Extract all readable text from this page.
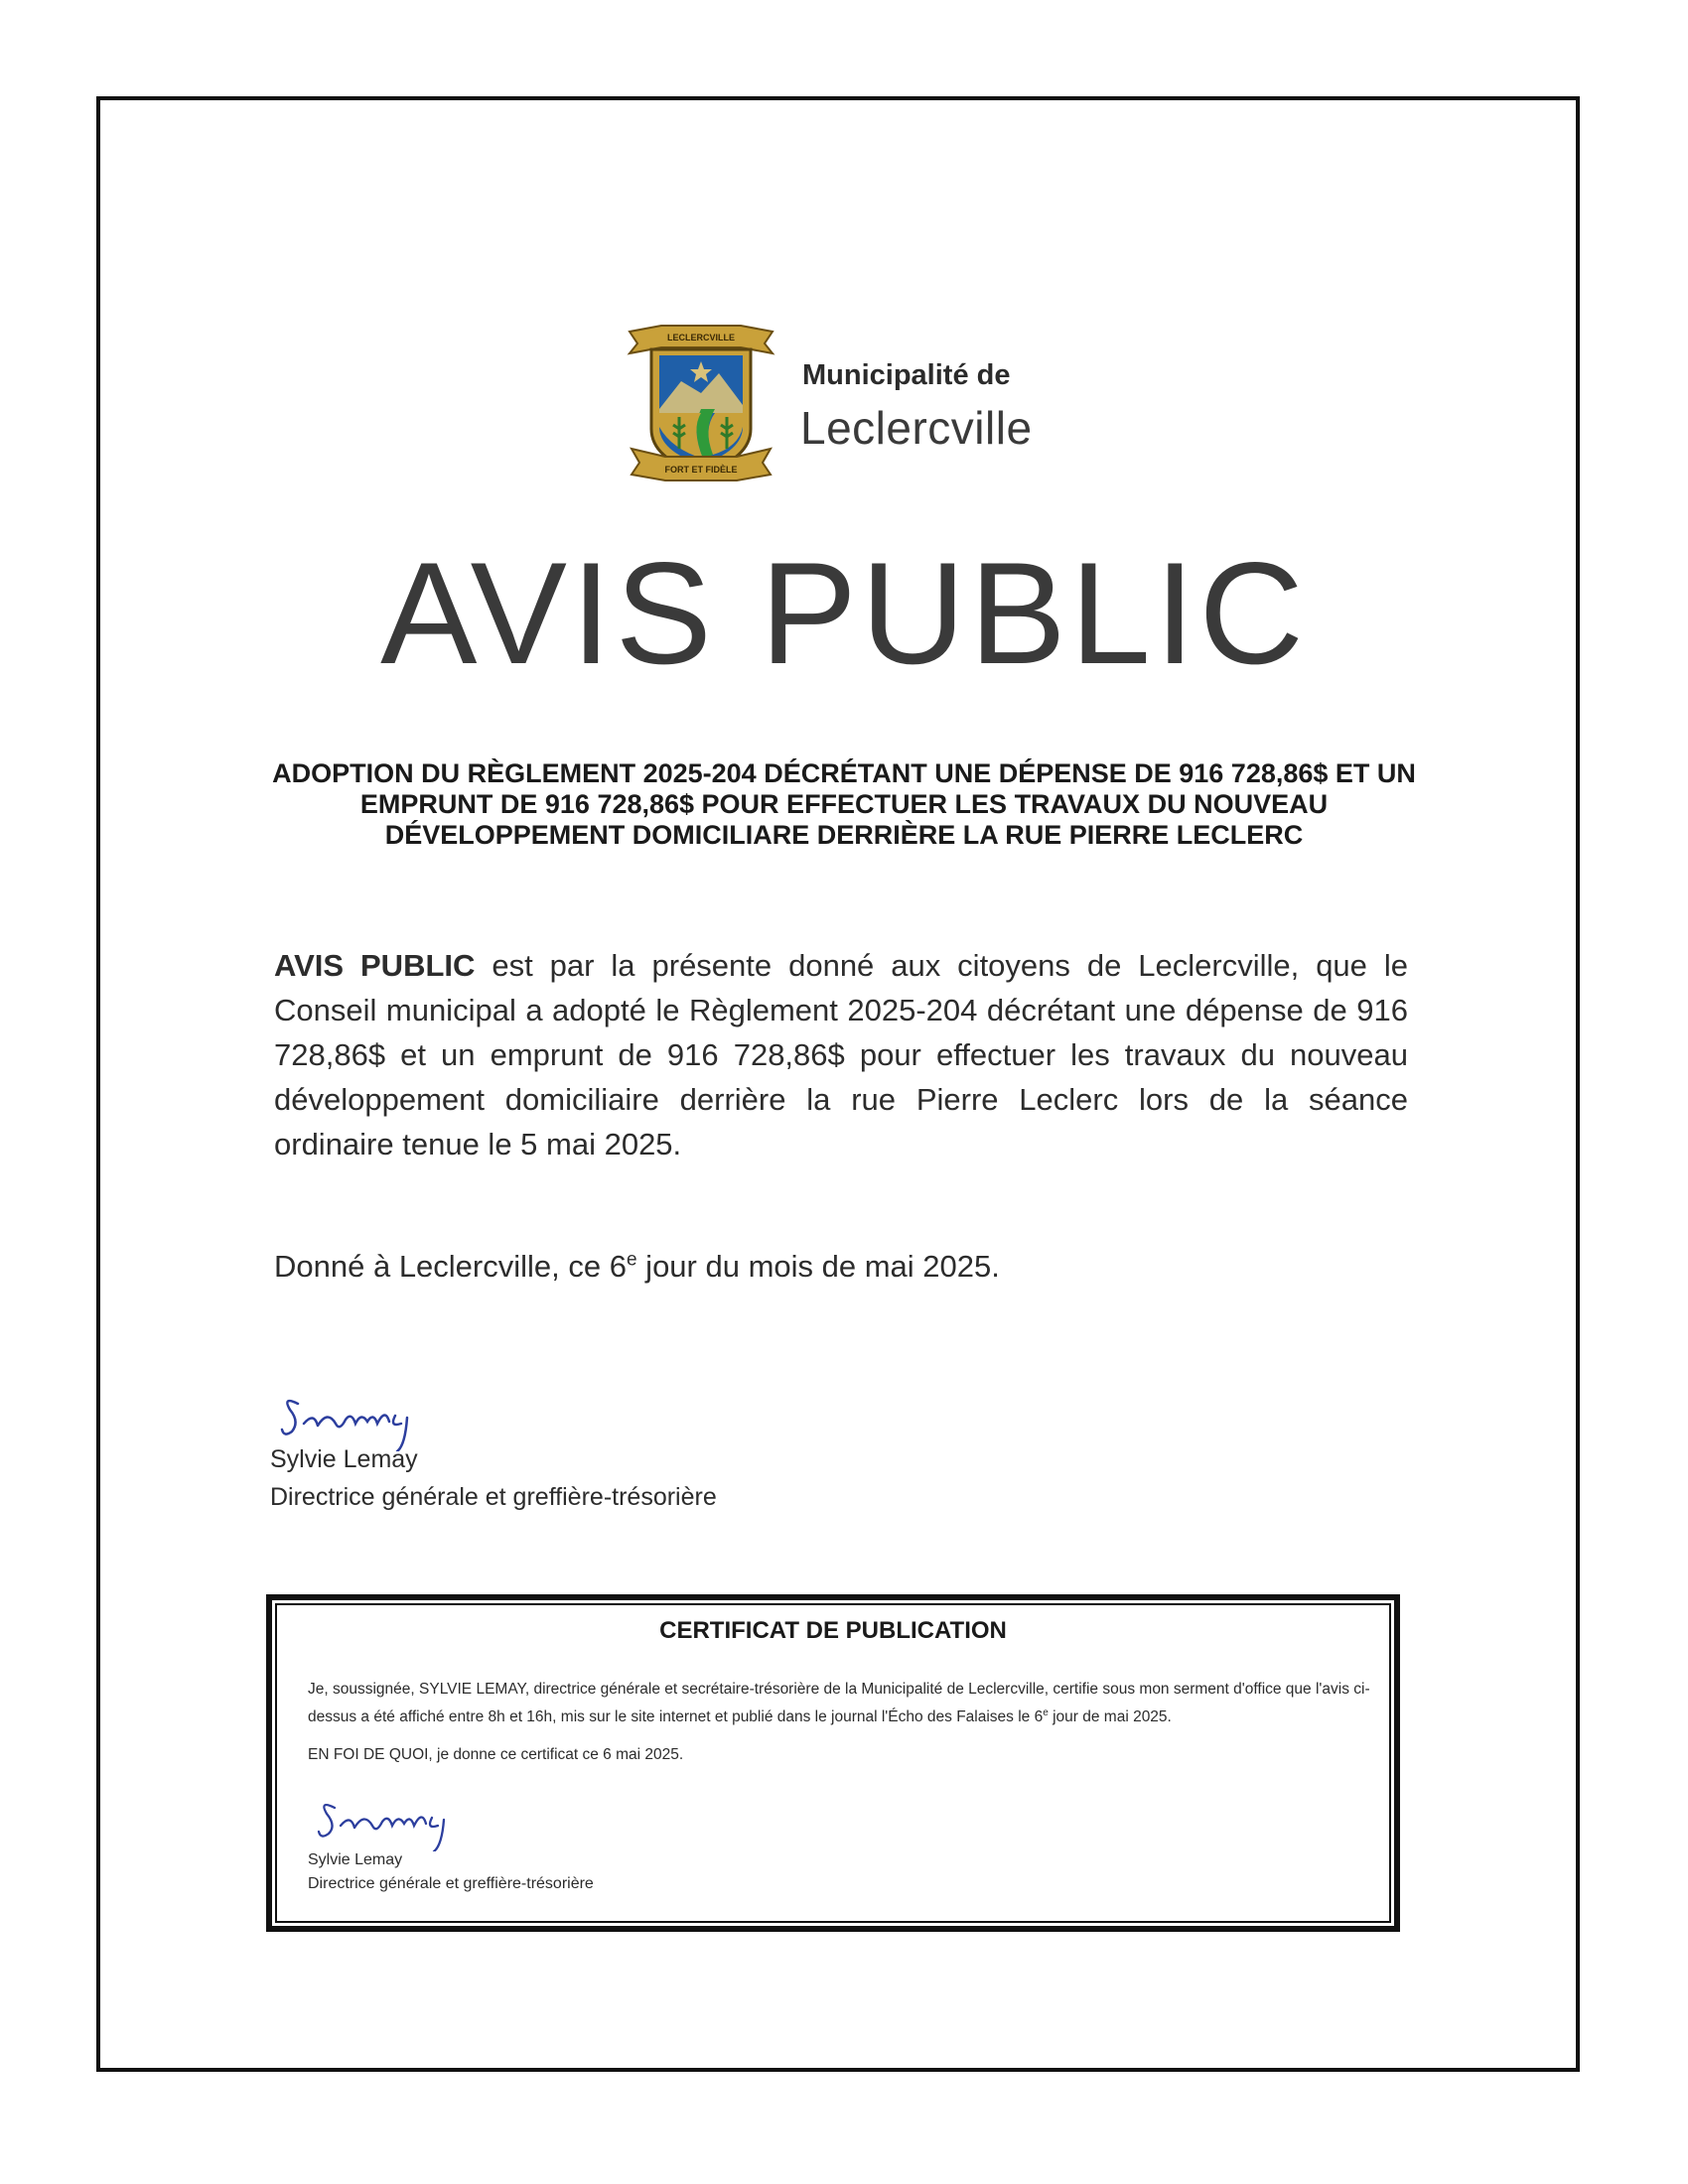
LECLERCVILLE
FORT ET FIDÈLE
Municipalité de
Leclercville
AVIS PUBLIC
ADOPTION DU RÈGLEMENT 2025-204 DÉCRÉTANT UNE DÉPENSE DE 916 728,86$ ET UN EMPRUNT DE 916 728,86$ POUR EFFECTUER LES TRAVAUX DU NOUVEAU DÉVELOPPEMENT DOMICILIARE DERRIÈRE LA RUE PIERRE LECLERC
AVIS PUBLIC est par la présente donné aux citoyens de Leclercville, que le Conseil municipal a adopté le Règlement 2025-204 décrétant une dépense de 916 728,86$ et un emprunt de 916 728,86$ pour effectuer les travaux du nouveau développement domiciliaire derrière la rue Pierre Leclerc lors de la séance ordinaire tenue le 5 mai 2025.
Donné à Leclercville, ce 6e jour du mois de mai 2025.
Sylvie Lemay
Directrice générale et greffière-trésorière
CERTIFICAT DE PUBLICATION
Je, soussignée, SYLVIE LEMAY, directrice générale et secrétaire-trésorière de la Municipalité de Leclercville, certifie sous mon serment d'office que l'avis ci-dessus a été affiché entre 8h et 16h, mis sur le site internet et publié dans le journal l'Écho des Falaises le 6e jour de mai 2025.
EN FOI DE QUOI, je donne ce certificat ce 6 mai 2025.
Sylvie Lemay
Directrice générale et greffière-trésorière
